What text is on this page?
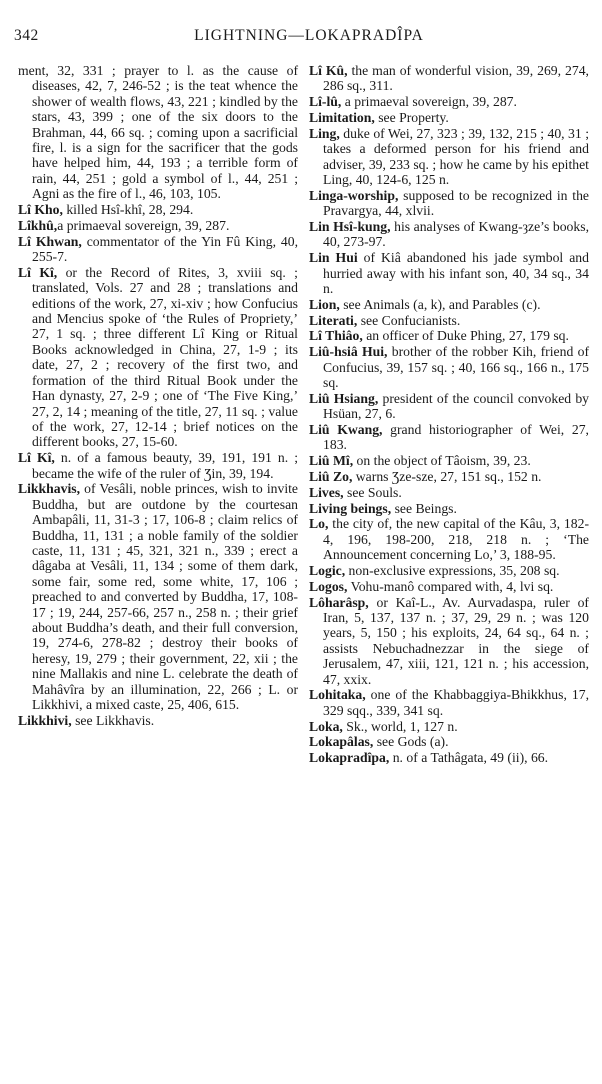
342	LIGHTNING—LOKAPRADÎPA

ment, 32, 331 ; prayer to l. as the cause of diseases, 42, 7, 246-52 ; is the teat whence the shower of wealth flows, 43, 221 ; kindled by the stars, 43, 399 ; one of the six doors to the Brahman, 44, 66 sq. ; coming upon a sacrificial fire, l. is a sign for the sacrificer that the gods have helped him, 44, 193 ; a terrible form of rain, 44, 251 ; gold a symbol of l., 44, 251 ; Agni as the fire of l., 46, 103, 105.

Lî Kho, killed Hsî-khî, 28, 294.

Lîkhû,a primaeval sovereign, 39, 287.

Lî Khwan, commentator of the Yin Fû King, 40, 255-7.

Lî Kî, or the Record of Rites, 3, xviii sq. ; translated, Vols. 27 and 28 ; translations and editions of the work, 27, xi-xiv ; how Confucius and Mencius spoke of ‘the Rules of Propriety,’ 27, 1 sq. ; three different Lî King or Ritual Books acknowledged in China, 27, 1-9 ; its date, 27, 2 ; recovery of the first two, and formation of the third Ritual Book under the Han dynasty, 27, 2-9 ; one of ‘The Five King,’ 27, 2, 14 ; meaning of the title, 27, 11 sq. ; value of the work, 27, 12-14 ; brief notices on the different books, 27, 15-60.

Lî Kî, n. of a famous beauty, 39, 191, 191 n. ; became the wife of the ruler of Ʒin, 39, 194.

Likkhavis, of Vesâli, noble princes, wish to invite Buddha, but are outdone by the courtesan Ambapâli, 11, 31-3 ; 17, 106-8 ; claim relics of Buddha, 11, 131 ; a noble family of the soldier caste, 11, 131 ; 45, 321, 321 n., 339 ; erect a dâgaba at Vesâli, 11, 134 ; some of them dark, some fair, some red, some white, 17, 106 ; preached to and converted by Buddha, 17, 108-17 ; 19, 244, 257-66, 257 n., 258 n. ; their grief about Buddha’s death, and their full conversion, 19, 274-6, 278-82 ; destroy their books of heresy, 19, 279 ; their government, 22, xii ; the nine Mallakis and nine L. celebrate the death of Mahâvîra by an illumination, 22, 266 ; L. or Likkhivi, a mixed caste, 25, 406, 615.

Likkhivi, see Likkhavis.

Lî Kû, the man of wonderful vision, 39, 269, 274, 286 sq., 311.

Lî-lû, a primaeval sovereign, 39, 287.

Limitation, see Property.

Ling, duke of Wei, 27, 323 ; 39, 132, 215 ; 40, 31 ; takes a deformed person for his friend and adviser, 39, 233 sq. ; how he came by his epithet Ling, 40, 124-6, 125 n.

Linga-worship, supposed to be recognized in the Pravargya, 44, xlvii.

Lin Hsî-kung, his analyses of Kwang-ȝze’s books, 40, 273-97.

Lin Hui of Kiâ abandoned his jade symbol and hurried away with his infant son, 40, 34 sq., 34 n.

Lion, see Animals (a, k), and Parables (c).

Literati, see Confucianists.

Lî Thiâo, an officer of Duke Phing, 27, 179 sq.

Liû-hsiâ Hui, brother of the robber Kih, friend of Confucius, 39, 157 sq. ; 40, 166 sq., 166 n., 175 sq.

Liû Hsiang, president of the council convoked by Hsüan, 27, 6.

Liû Kwang, grand historiographer of Wei, 27, 183.

Liû Mî, on the object of Tâoism, 39, 23.

Liû Zo, warns Ʒze-sze, 27, 151 sq., 152 n.

Lives, see Souls.

Living beings, see Beings.

Lo, the city of, the new capital of the Kâu, 3, 182-4, 196, 198-200, 218, 218 n. ; ‘The Announcement concerning Lo,’ 3, 188-95.

Logic, non-exclusive expressions, 35, 208 sq.

Logos, Vohu-manô compared with, 4, lvi sq.

Lôharâsp, or Kaî-L., Av. Aurvadaspa, ruler of Iran, 5, 137, 137 n. ; 37, 29, 29 n. ; was 120 years, 5, 150 ; his exploits, 24, 64 sq., 64 n. ; assists Nebuchadnezzar in the siege of Jerusalem, 47, xiii, 121, 121 n. ; his accession, 47, xxix.

Lohitaka, one of the Khabbaggiya-Bhikkhus, 17, 329 sqq., 339, 341 sq.

Loka, Sk., world, 1, 127 n.

Lokapâlas, see Gods (a).

Lokapradîpa, n. of a Tathâgata, 49 (ii), 66.
